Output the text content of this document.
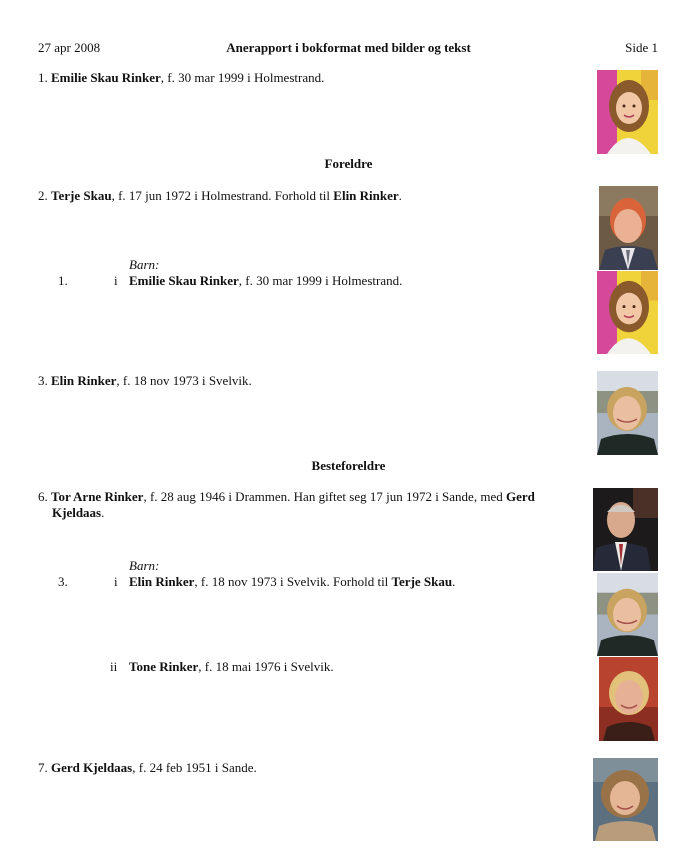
27 apr 2008	Anerapport i bokformat med bilder og tekst	Side 1
1. Emilie Skau Rinker, f. 30 mar 1999 i Holmestrand.
Foreldre
2. Terje Skau, f. 17 jun 1972 i Holmestrand. Forhold til Elin Rinker.
Barn:
1.	i Emilie Skau Rinker, f. 30 mar 1999 i Holmestrand.
3. Elin Rinker, f. 18 nov 1973 i Svelvik.
Besteforeldre
6. Tor Arne Rinker, f. 28 aug 1946 i Drammen. Han giftet seg 17 jun 1972 i Sande, med Gerd
Kjeldaas.
Barn:
3.	i Elin Rinker, f. 18 nov 1973 i Svelvik. Forhold til Terje Skau.
ii Tone Rinker, f. 18 mai 1976 i Svelvik.
7. Gerd Kjeldaas, f. 24 feb 1951 i Sande.
